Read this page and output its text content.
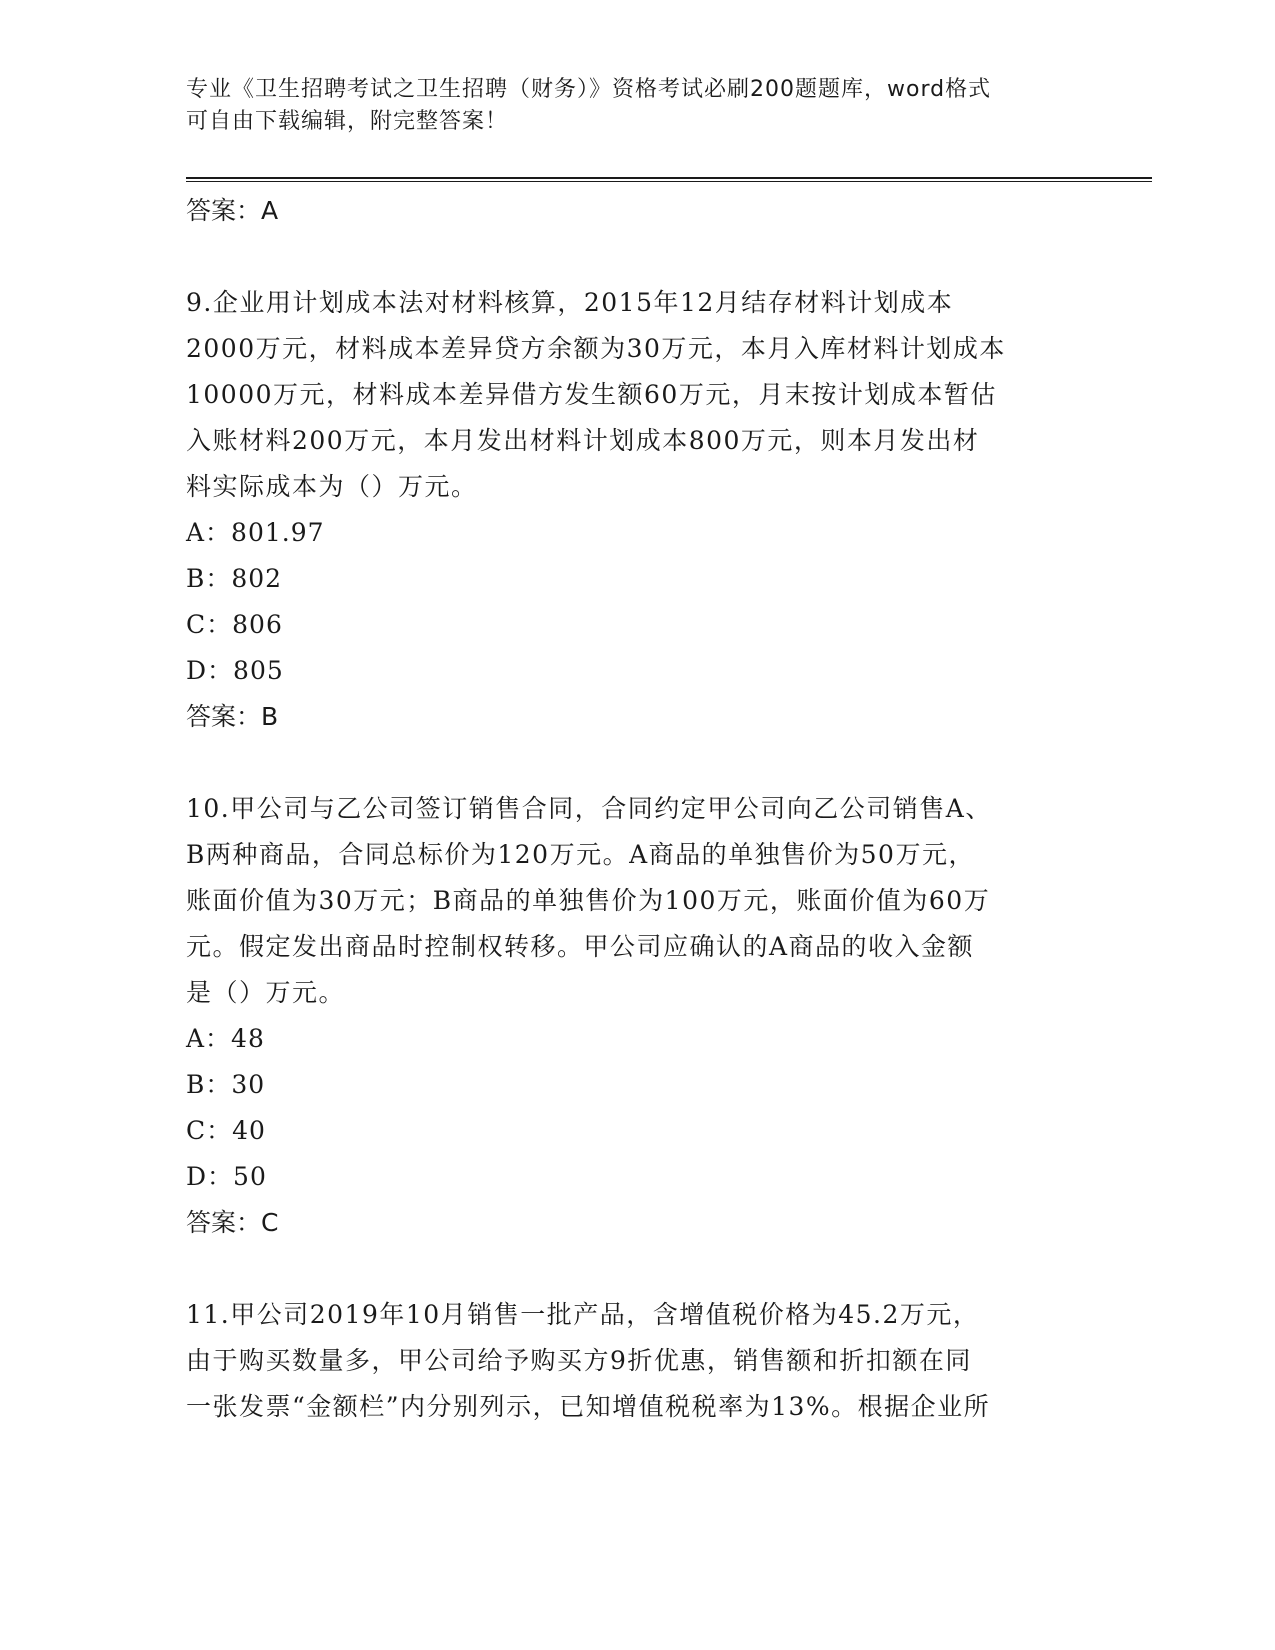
专业《卫生招聘考试之卫生招聘（财务）》资格考试必刷200题题库，word格式
可自由下载编辑，附完整答案！
答案：A
9.企业用计划成本法对材料核算，2015年12月结存材料计划成本
2000万元，材料成本差异贷方余额为30万元，本月入库材料计划成本
10000万元，材料成本差异借方发生额60万元，月末按计划成本暂估
入账材料200万元，本月发出材料计划成本800万元，则本月发出材
料实际成本为（）万元。
A：801.97
B：802
C：806
D：805
答案：B
10.甲公司与乙公司签订销售合同，合同约定甲公司向乙公司销售A、
B两种商品，合同总标价为120万元。A商品的单独售价为50万元，
账面价值为30万元；B商品的单独售价为100万元，账面价值为60万
元。假定发出商品时控制权转移。甲公司应确认的A商品的收入金额
是（）万元。
A：48
B：30
C：40
D：50
答案：C
11.甲公司2019年10月销售一批产品，含增值税价格为45.2万元，
由于购买数量多，甲公司给予购买方9折优惠，销售额和折扣额在同
一张发票“金额栏”内分别列示，已知增值税税率为13%。根据企业所
